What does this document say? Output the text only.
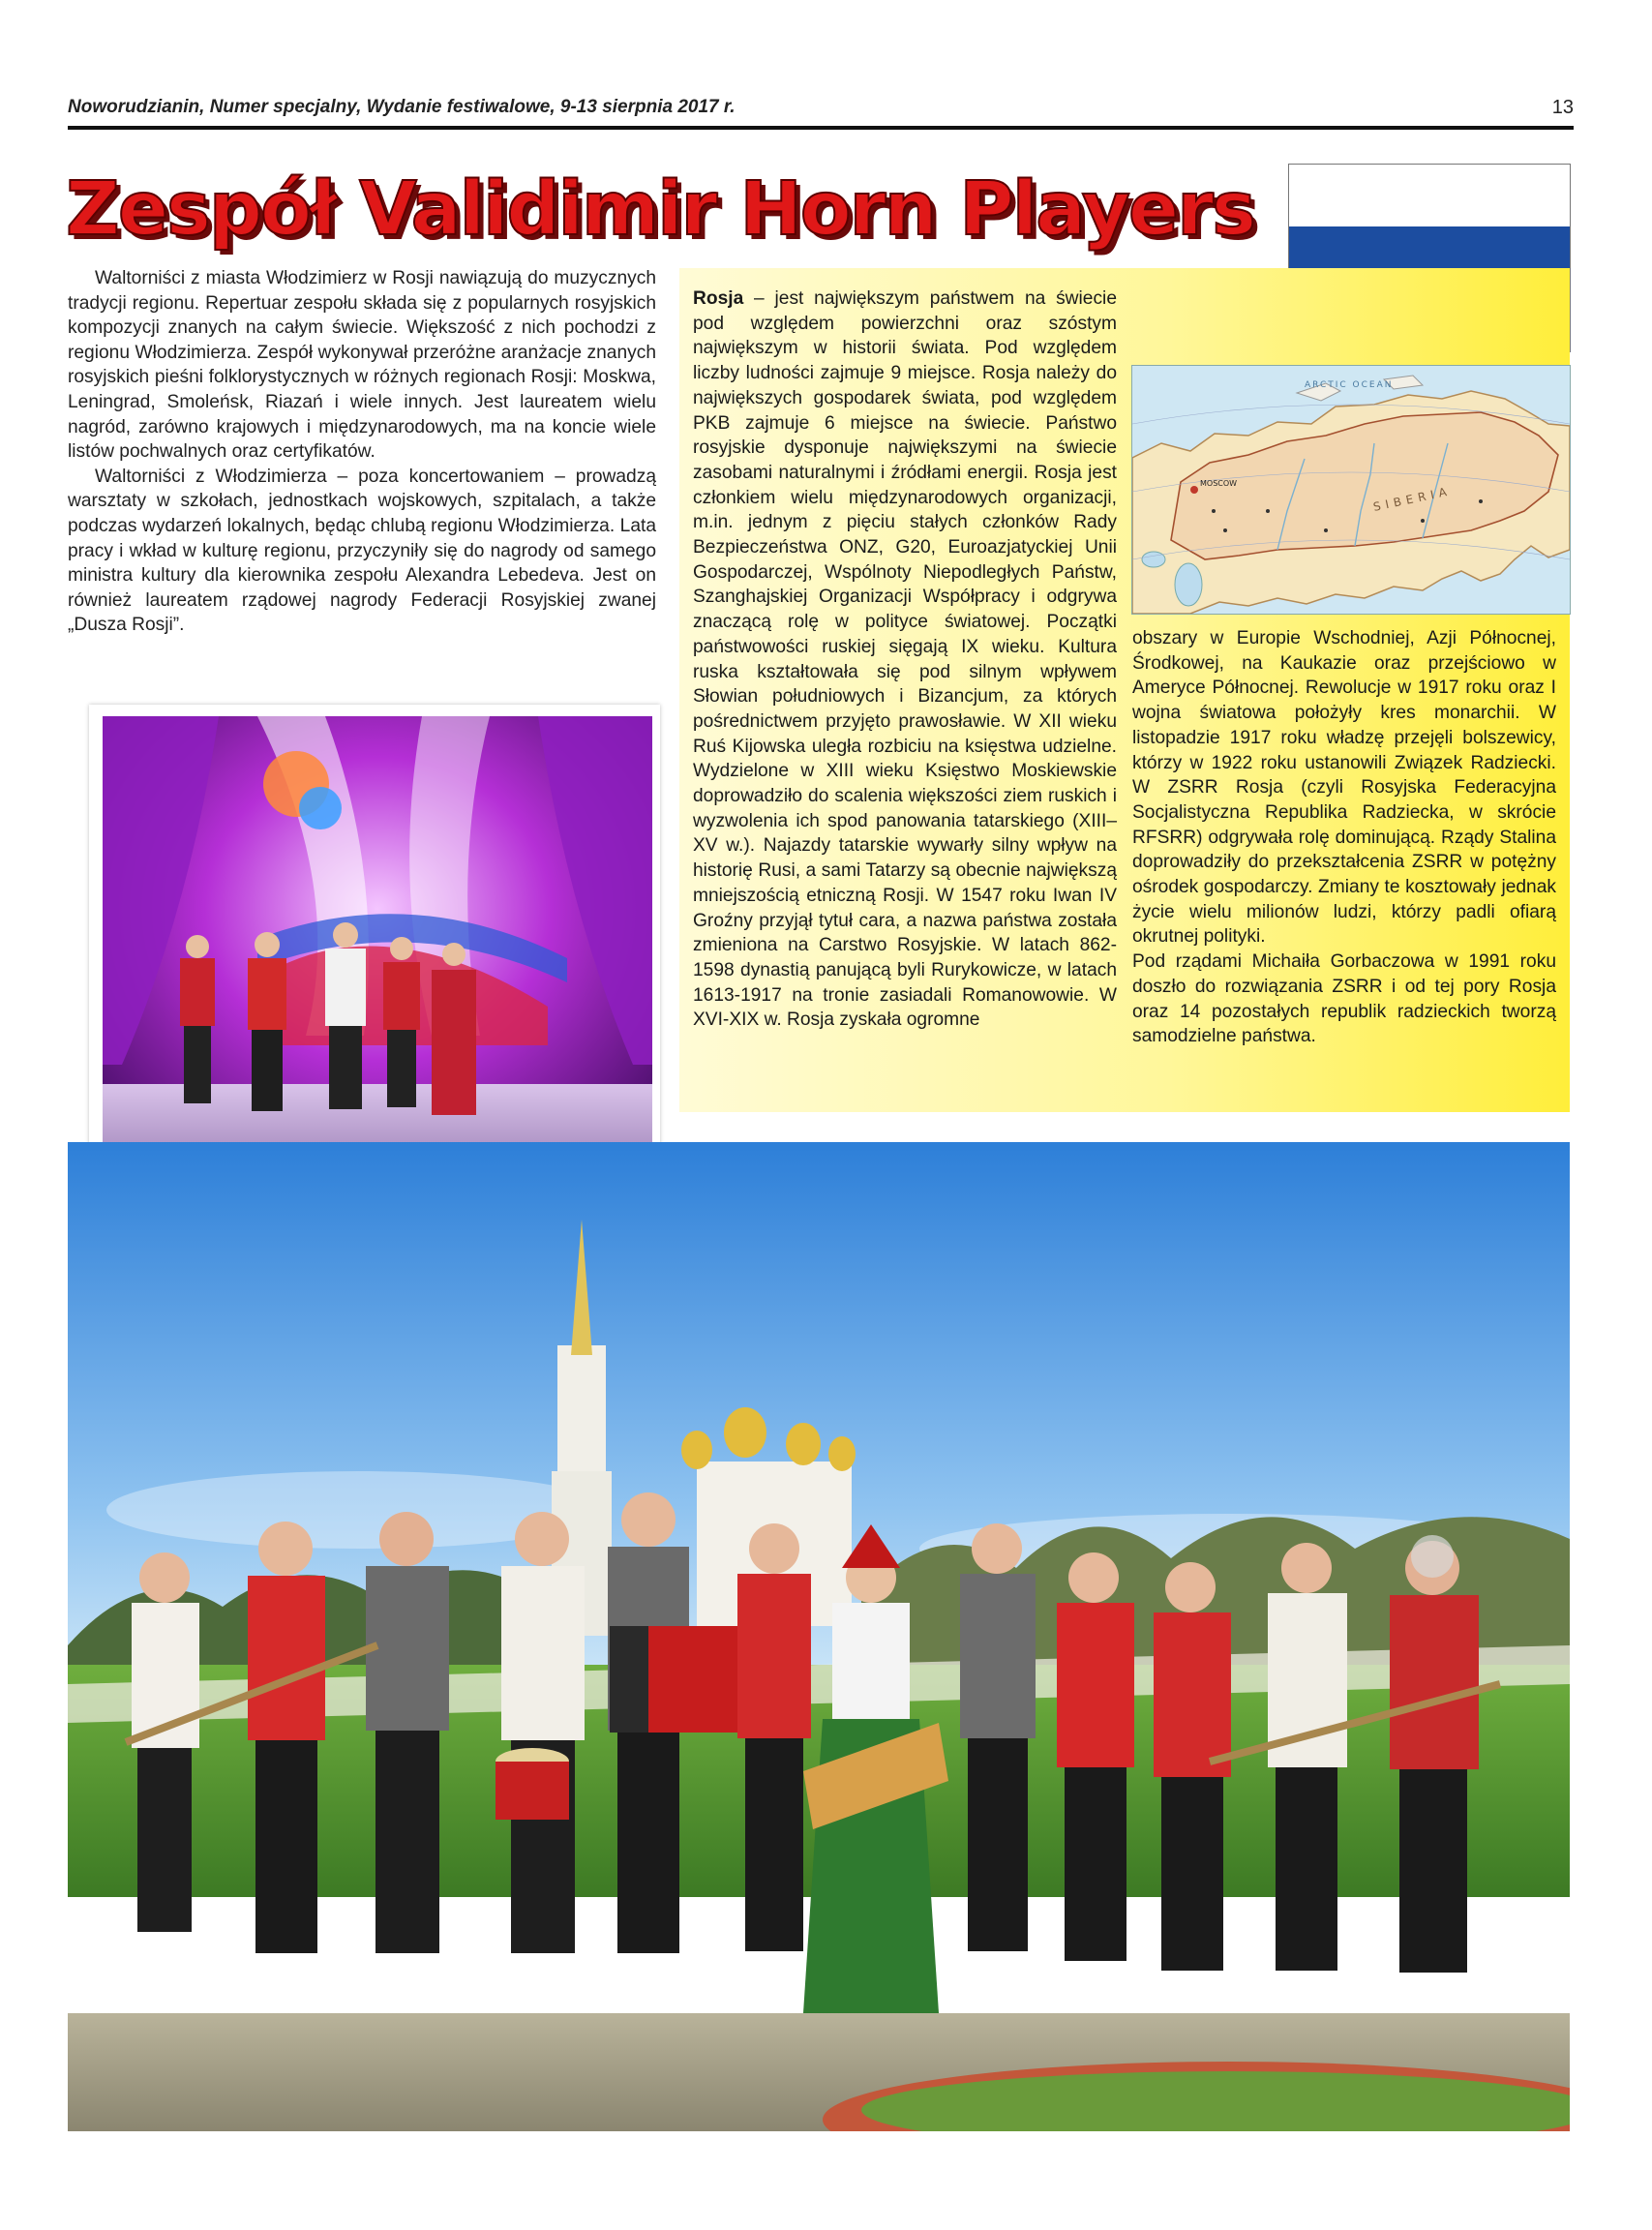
Noworudzianin, Numer specjalny, Wydanie festiwalowe, 9-13 sierpnia 2017 r.	13
Zespół Validimir Horn Players

Waltorniści z miasta Włodzimierz w Rosji nawiązują do muzycznych tradycji regionu. Repertuar zespołu składa się z popularnych rosyjskich kompozycji znanych na całym świecie. Większość z nich pochodzi z regionu Włodzimierza. Zespół wykonywał przeróżne aranżacje znanych rosyjskich pieśni folklorystycznych w różnych regionach Rosji: Moskwa, Leningrad, Smoleńsk, Riazań i wiele innych. Jest laureatem wielu nagród, zarówno krajowych i międzynarodowych, ma na koncie wiele listów pochwalnych oraz certyfikatów.

Waltorniści z Włodzimierza – poza koncertowaniem – prowadzą warsztaty w szkołach, jednostkach wojskowych, szpitalach, a także podczas wydarzeń lokalnych, będąc chlubą regionu Włodzimierza. Lata pracy i wkład w kulturę regionu, przyczyniły się do nagrody od samego ministra kultury dla kierownika zespołu Alexandra Lebedeva. Jest on również laureatem rządowej nagrody Federacji Rosyjskiej zwanej „Dusza Rosji”.

Rosja – jest największym państwem na świecie pod względem powierzchni oraz szóstym największym w historii świata. Pod względem liczby ludności zajmuje 9 miejsce. Rosja należy do największych gospodarek świata, pod względem PKB zajmuje 6 miejsce na świecie. Państwo rosyjskie dysponuje największymi na świecie zasobami naturalnymi i źródłami energii. Rosja jest członkiem wielu międzynarodowych organizacji, m.in. jednym z pięciu stałych członków Rady Bezpieczeństwa ONZ, G20, Euroazjatyckiej Unii Gospodarczej, Wspólnoty Niepodległych Państw, Szanghajskiej Organizacji Współpracy i odgrywa znaczącą rolę w polityce światowej. Początki państwowości ruskiej sięgają IX wieku. Kultura ruska kształtowała się pod silnym wpływem Słowian południowych i Bizancjum, za których pośrednictwem przyjęto prawosławie. W XII wieku Ruś Kijowska uległa rozbiciu na księstwa udzielne. Wydzielone w XIII wieku Księstwo Moskiewskie doprowadziło do scalenia większości ziem ruskich i wyzwolenia ich spod panowania tatarskiego (XIII–XV w.). Najazdy tatarskie wywarły silny wpływ na historię Rusi, a sami Tatarzy są obecnie największą mniejszością etniczną Rosji. W 1547 roku Iwan IV Groźny przyjął tytuł cara, a nazwa państwa została zmieniona na Carstwo Rosyjskie. W latach 862-1598 dynastią panującą byli Rurykowicze, w latach 1613-1917 na tronie zasiadali Romanowowie. W XVI-XIX w. Rosja zyskała ogromne

obszary w Europie Wschodniej, Azji Północnej, Środkowej, na Kaukazie oraz przejściowo w Ameryce Północnej. Rewolucje w 1917 roku oraz I wojna światowa położyły kres monarchii. W listopadzie 1917 roku władzę przejęli bolszewicy, którzy w 1922 roku ustanowili Związek Radziecki. W ZSRR Rosja (czyli Rosyjska Federacyjna Socjalistyczna Republika Radziecka, w skrócie RFSRR) odgrywała rolę dominującą. Rządy Stalina doprowadziły do przekształcenia ZSRR w potężny ośrodek gospodarczy. Zmiany te kosztowały jednak życie wielu milionów ludzi, którzy padli ofiarą okrutnej polityki.

Pod rządami Michaiła Gorbaczowa w 1991 roku doszło do rozwiązania ZSRR i od tej pory Rosja oraz 14 pozostałych republik radzieckich tworzą samodzielne państwa.

ARCTIC OCEAN
MOSCOW
SIBERIA
